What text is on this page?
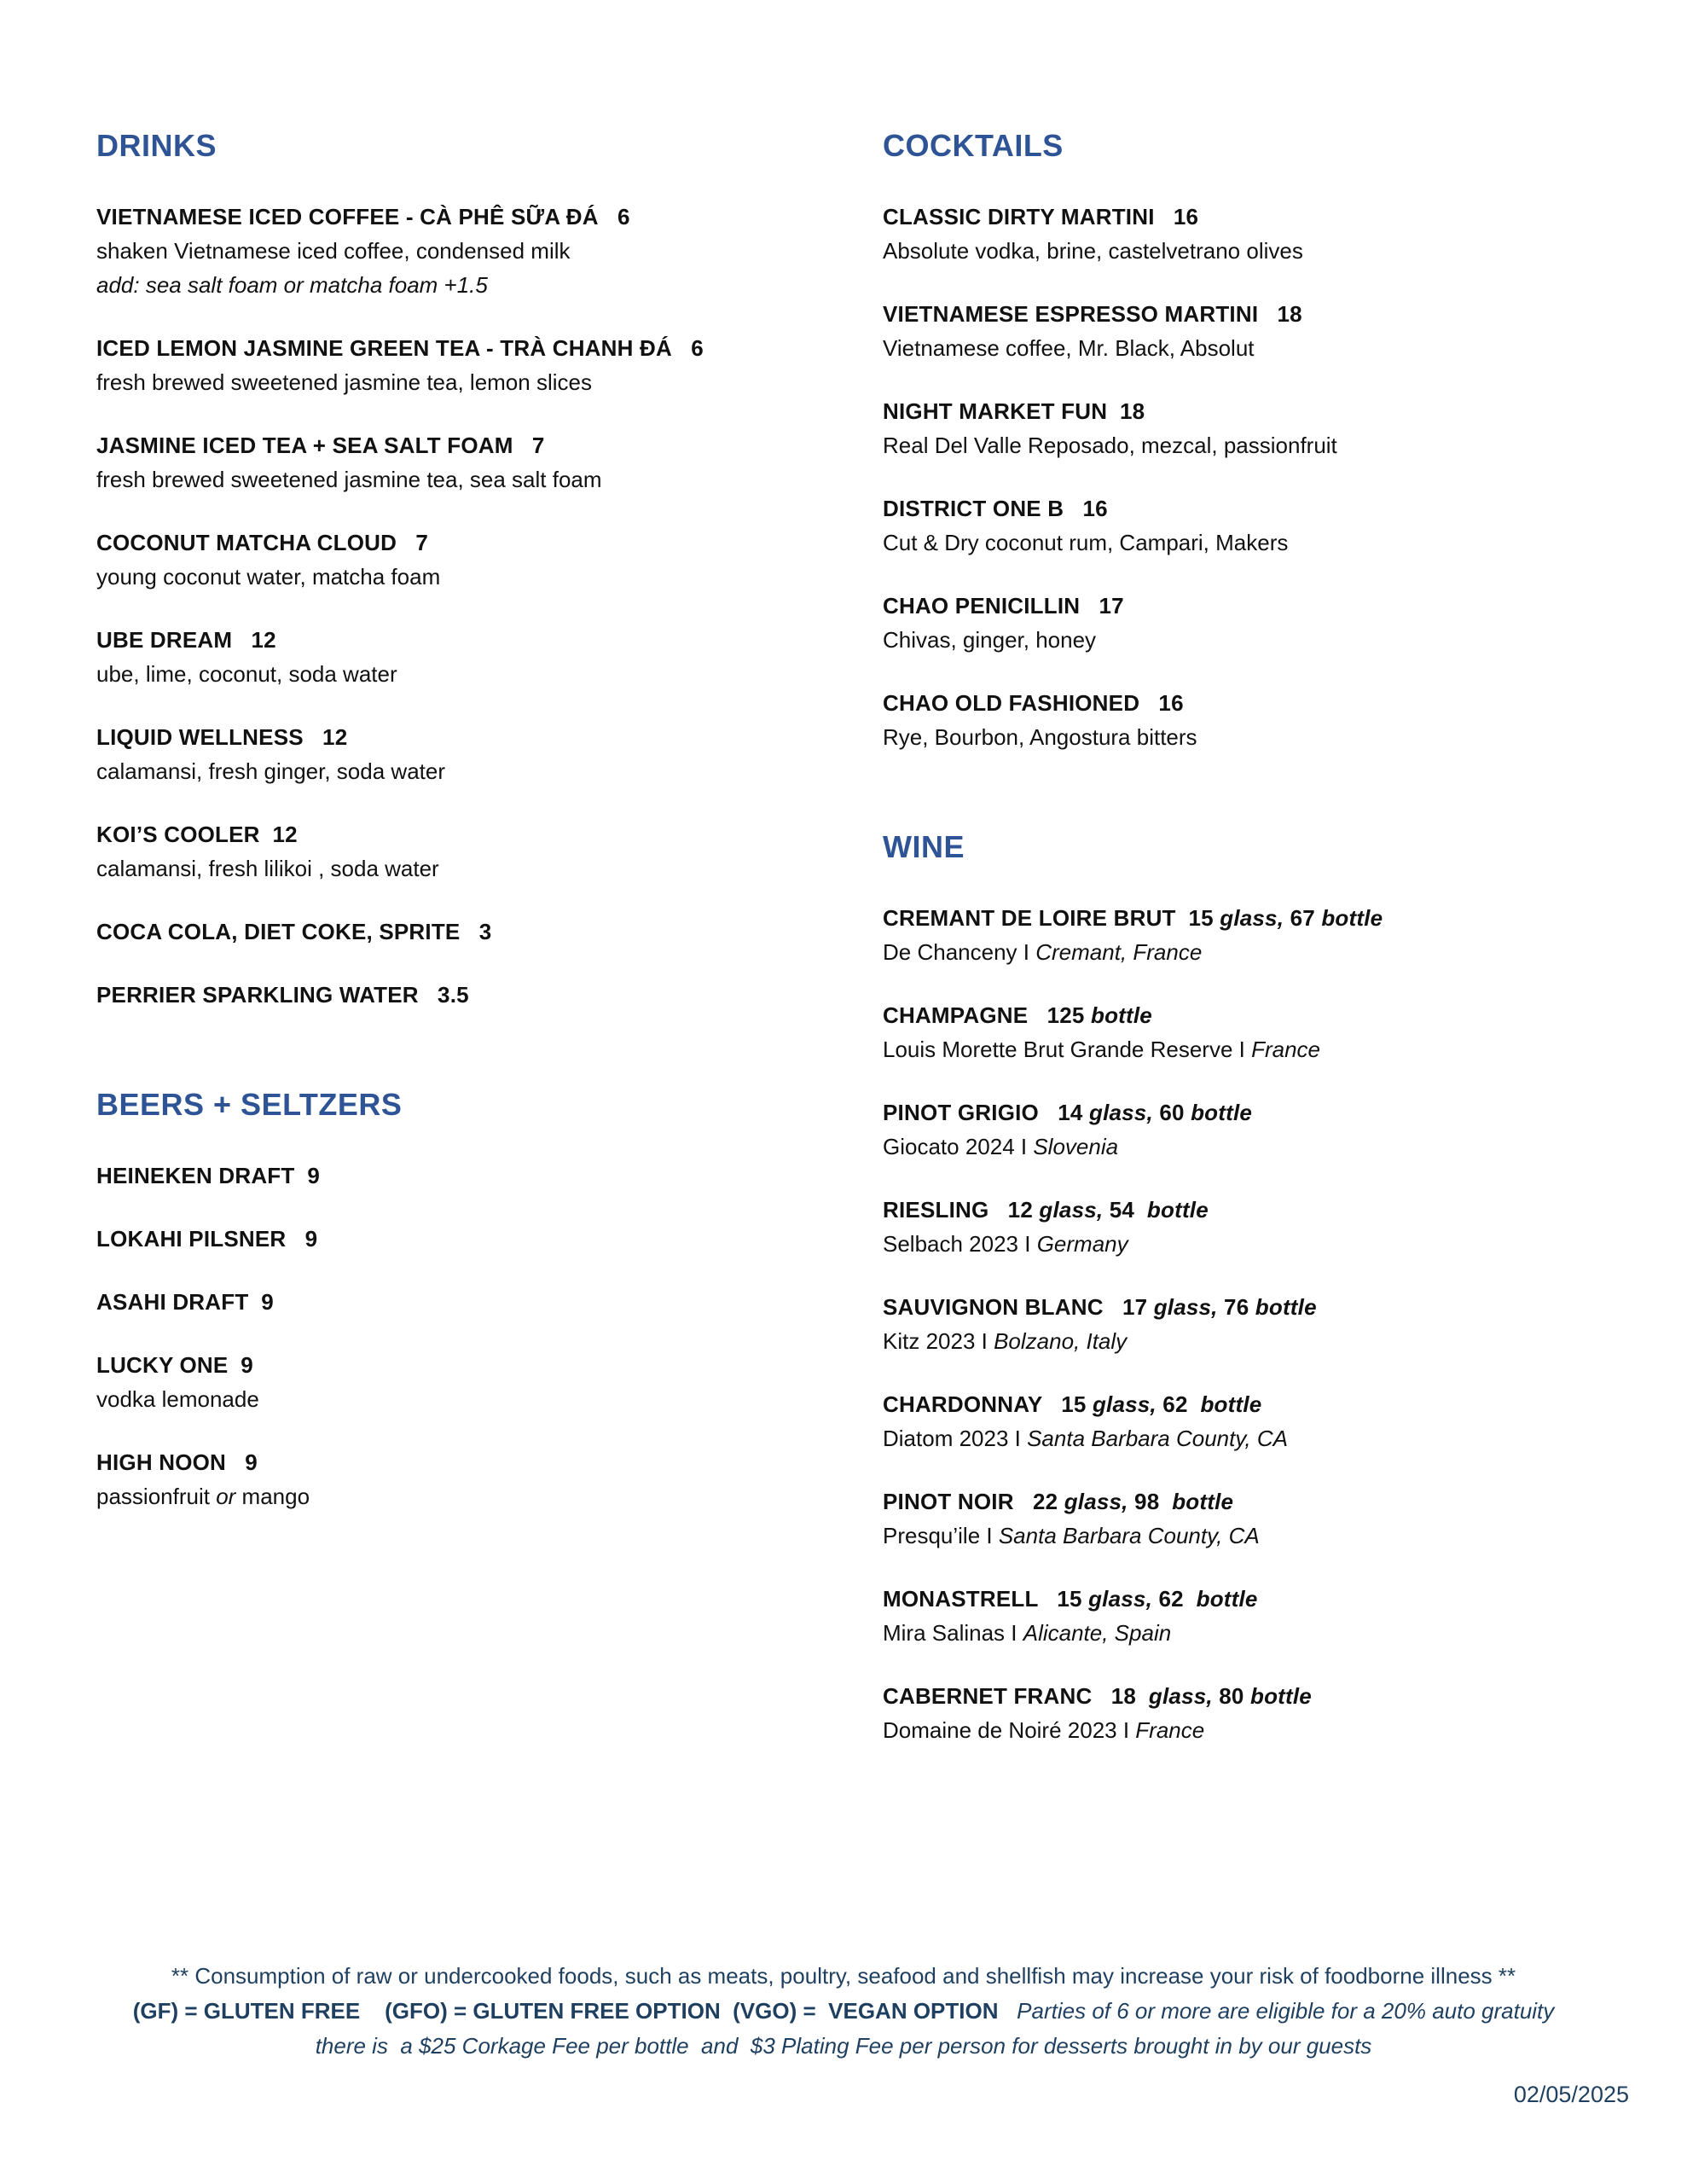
DRINKS
VIETNAMESE ICED COFFEE - CÀ PHÊ SỮA ĐÁ   6
shaken Vietnamese iced coffee, condensed milk
add: sea salt foam or matcha foam +1.5
ICED LEMON JASMINE GREEN TEA - TRÀ CHANH ĐÁ   6
fresh brewed sweetened jasmine tea, lemon slices
JASMINE ICED TEA + SEA SALT FOAM   7
fresh brewed sweetened jasmine tea, sea salt foam
COCONUT MATCHA CLOUD   7
young coconut water, matcha foam
UBE DREAM   12
ube, lime, coconut, soda water
LIQUID WELLNESS   12
calamansi, fresh ginger, soda water
KOI’S COOLER  12
calamansi, fresh lilikoi , soda water
COCA COLA, DIET COKE, SPRITE   3
PERRIER SPARKLING WATER   3.5
BEERS + SELTZERS
HEINEKEN DRAFT  9
LOKAHI PILSNER   9
ASAHI DRAFT  9
LUCKY ONE  9
vodka lemonade
HIGH NOON   9
passionfruit or mango
COCKTAILS
CLASSIC DIRTY MARTINI   16
Absolute vodka, brine, castelvetrano olives
VIETNAMESE ESPRESSO MARTINI   18
Vietnamese coffee, Mr. Black, Absolut
NIGHT MARKET FUN  18
Real Del Valle Reposado, mezcal, passionfruit
DISTRICT ONE B   16
Cut & Dry coconut rum, Campari, Makers
CHAO PENICILLIN   17
Chivas, ginger, honey
CHAO OLD FASHIONED   16
Rye, Bourbon, Angostura bitters
WINE
CREMANT DE LOIRE BRUT  15 glass, 67 bottle
De Chanceny I Cremant, France
CHAMPAGNE   125 bottle
Louis Morette Brut Grande Reserve I France
PINOT GRIGIO   14 glass, 60 bottle
Giocato 2024 I Slovenia
RIESLING   12 glass, 54  bottle
Selbach 2023 I Germany
SAUVIGNON BLANC   17 glass, 76 bottle
Kitz 2023 I Bolzano, Italy
CHARDONNAY   15 glass, 62  bottle
Diatom 2023 I Santa Barbara County, CA
PINOT NOIR   22 glass, 98  bottle
Presqu’ile I Santa Barbara County, CA
MONASTRELL   15 glass, 62  bottle
Mira Salinas I Alicante, Spain
CABERNET FRANC   18  glass, 80 bottle
Domaine de Noiré 2023 I France
** Consumption of raw or undercooked foods, such as meats, poultry, seafood and shellfish may increase your risk of foodborne illness **
(GF) = GLUTEN FREE    (GFO) = GLUTEN FREE OPTION  (VGO) =  VEGAN OPTION   Parties of 6 or more are eligible for a 20% auto gratuity
there is  a $25 Corkage Fee per bottle  and  $3 Plating Fee per person for desserts brought in by our guests
02/05/2025
